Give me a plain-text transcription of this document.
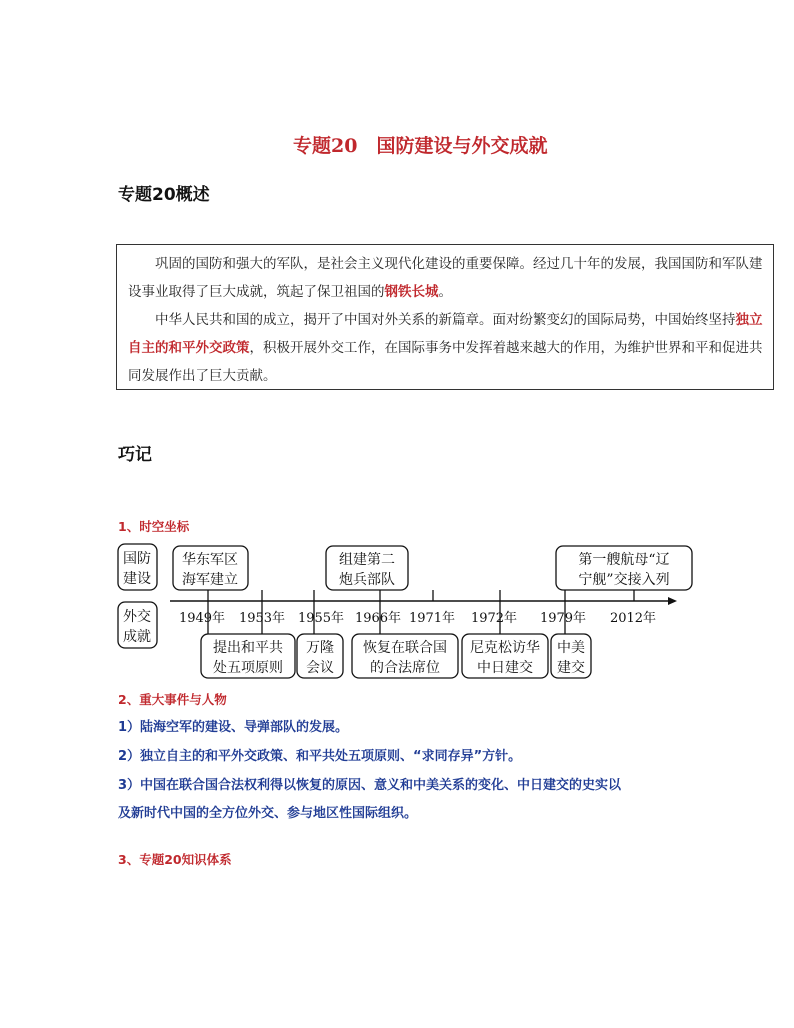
专题20　国防建设与外交成就
专题20概述
巩固的国防和强大的军队，是社会主义现代化建设的重要保障。经过几十年的发展，我国国防和军队建设事业取得了巨大成就，筑起了保卫祖国的钢铁长城。
中华人民共和国的成立，揭开了中国对外关系的新篇章。面对纷繁变幻的国际局势，中国始终坚持独立自主的和平外交政策，积极开展外交工作，在国际事务中发挥着越来越大的作用，为维护世界和平和促进共同发展作出了巨大贡献。
巧记
1、时空坐标
国防
建设
外交
成就
华东军区
海军建立
组建第二
炮兵部队
第一艘航母“辽
宁舰”交接入列
提出和平共
处五项原则
万隆
会议
恢复在联合国
的合法席位
尼克松访华
中日建交
中美
建交
1949年 1953年 1955年 1966年 1971年 1972年 1979年 2012年
2、重大事件与人物
1）陆海空军的建设、导弹部队的发展。
2）独立自主的和平外交政策、和平共处五项原则、“求同存异”方针。
3）中国在联合国合法权利得以恢复的原因、意义和中美关系的变化、中日建交的史实以
及新时代中国的全方位外交、参与地区性国际组织。
3、专题20知识体系
